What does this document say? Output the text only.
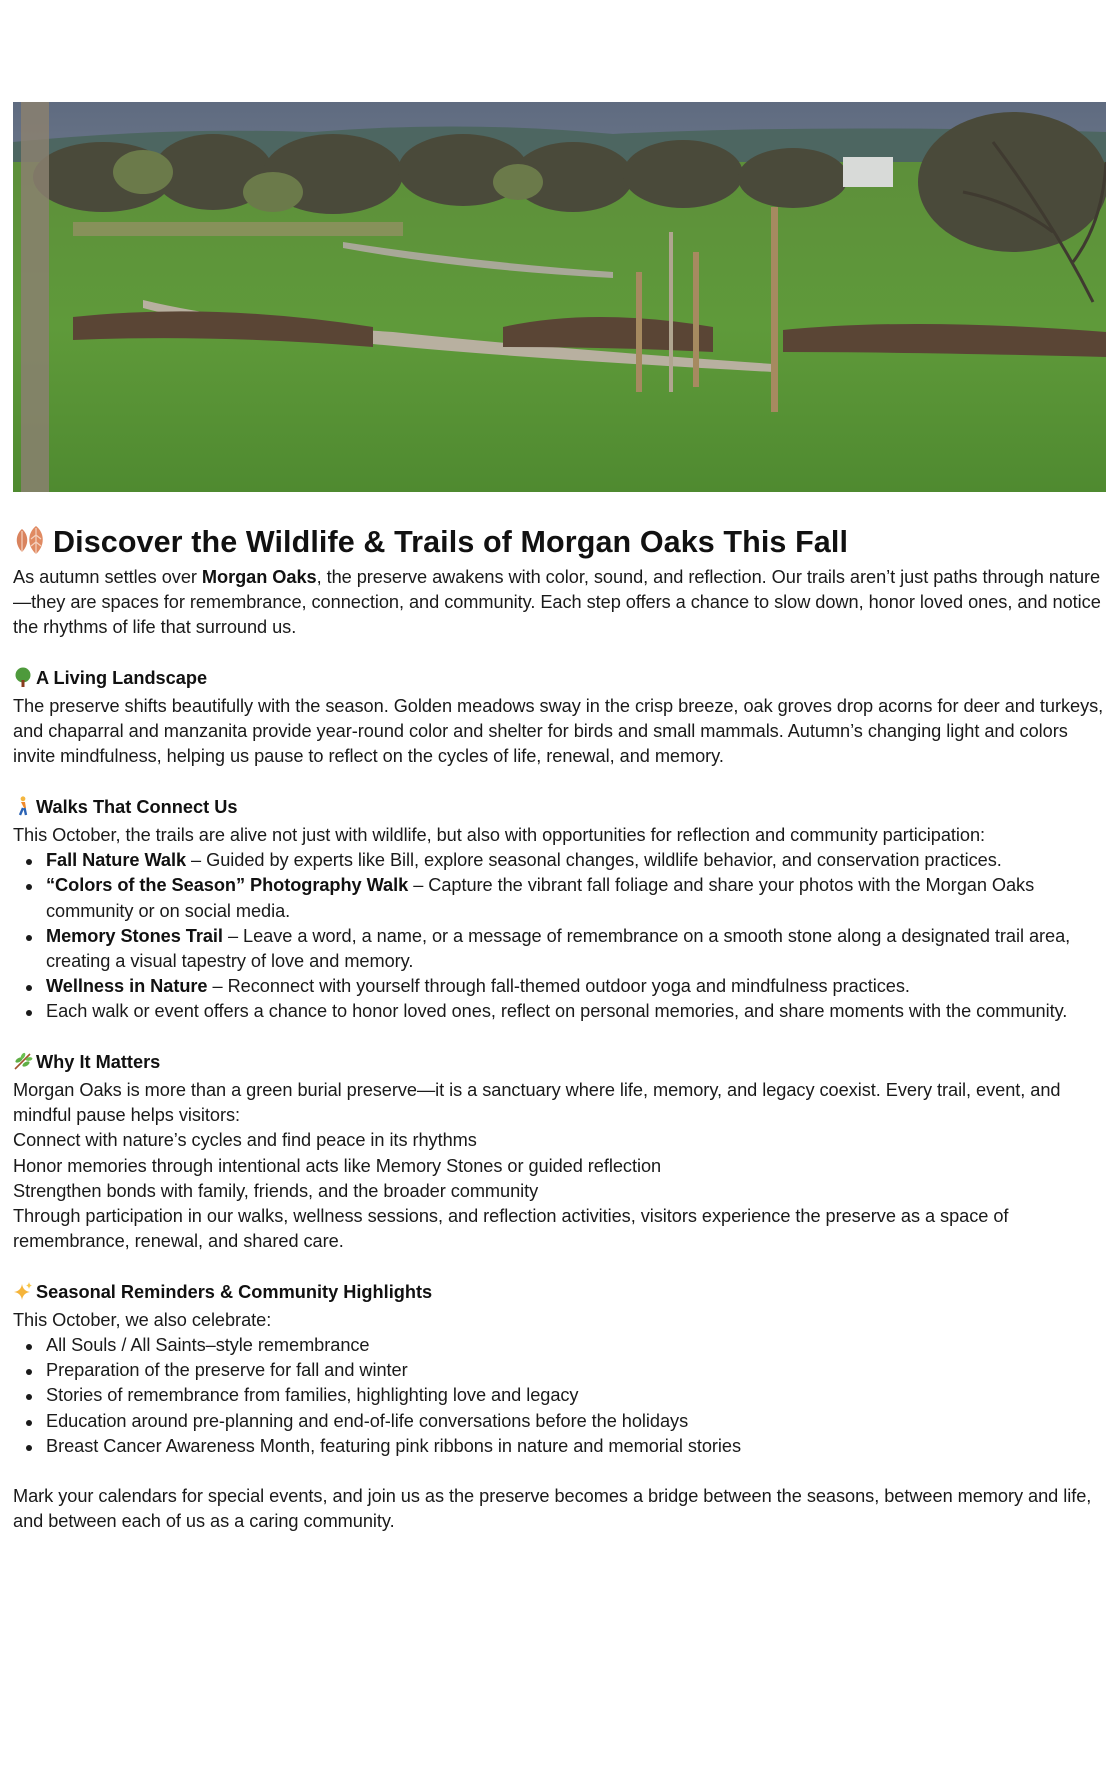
Discover the Wildlife & Trails of Morgan Oaks This Fall

As autumn settles over Morgan Oaks, the preserve awakens with color, sound, and reflection. Our trails aren’t just paths through nature—they are spaces for remembrance, connection, and community. Each step offers a chance to slow down, honor loved ones, and notice the rhythms of life that surround us.

A Living Landscape

The preserve shifts beautifully with the season. Golden meadows sway in the crisp breeze, oak groves drop acorns for deer and turkeys, and chaparral and manzanita provide year-round color and shelter for birds and small mammals. Autumn’s changing light and colors invite mindfulness, helping us pause to reflect on the cycles of life, renewal, and memory.

Walks That Connect Us

This October, the trails are alive not just with wildlife, but also with opportunities for reflection and community participation:

Fall Nature Walk – Guided by experts like Bill, explore seasonal changes, wildlife behavior, and conservation practices.
“Colors of the Season” Photography Walk – Capture the vibrant fall foliage and share your photos with the Morgan Oaks community or on social media.
Memory Stones Trail – Leave a word, a name, or a message of remembrance on a smooth stone along a designated trail area, creating a visual tapestry of love and memory.
Wellness in Nature – Reconnect with yourself through fall-themed outdoor yoga and mindfulness practices.
Each walk or event offers a chance to honor loved ones, reflect on personal memories, and share moments with the community.
Why It Matters

Morgan Oaks is more than a green burial preserve—it is a sanctuary where life, memory, and legacy coexist. Every trail, event, and mindful pause helps visitors:

Connect with nature’s cycles and find peace in its rhythms

Honor memories through intentional acts like Memory Stones or guided reflection

Strengthen bonds with family, friends, and the broader community

Through participation in our walks, wellness sessions, and reflection activities, visitors experience the preserve as a space of remembrance, renewal, and shared care.

Seasonal Reminders & Community Highlights

This October, we also celebrate:

All Souls / All Saints–style remembrance
Preparation of the preserve for fall and winter
Stories of remembrance from families, highlighting love and legacy
Education around pre-planning and end-of-life conversations before the holidays
Breast Cancer Awareness Month, featuring pink ribbons in nature and memorial stories

Mark your calendars for special events, and join us as the preserve becomes a bridge between the seasons, between memory and life, and between each of us as a caring community.
